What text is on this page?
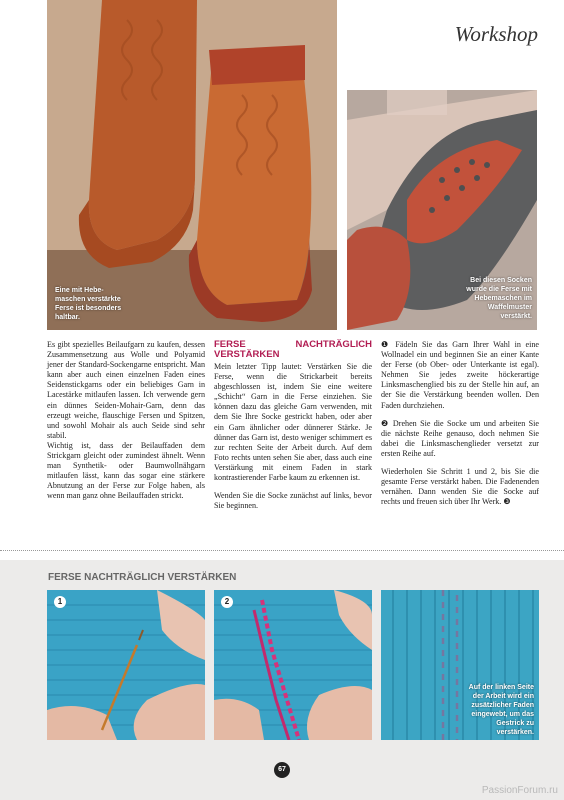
Workshop
Eine mit Hebe-
maschen verstärkte
Ferse ist besonders
haltbar.
Bei diesen Socken
wurde die Ferse mit
Hebemaschen im
Waffelmuster
verstärkt.

Es gibt spezielles Beilaufgarn zu kaufen, dessen Zusammensetzung aus Wolle und Polyamid jener der Standard-Sockengarne entspricht. Man kann aber auch einen einzelnen Faden eines Seidenstickgarns oder ein beliebiges Garn in Lacestärke mitlaufen lassen. Ich verwende gern ein dünnes Seiden-Mohair-Garn, denn das erzeugt weiche, flauschige Fersen und Spitzen, und sowohl Mohair als auch Seide sind sehr stabil.

Wichtig ist, dass der Beilauffaden dem Strickgarn gleicht oder zumindest ähnelt. Wenn man Synthetik- oder Baumwollnähgarn mitlaufen lässt, kann das sogar eine stärkere Abnutzung an der Ferse zur Folge haben, als wenn man ganz ohne Beilauffaden strickt.

FERSE NACHTRÄGLICH VERSTÄRKEN

Mein letzter Tipp lautet: Verstärken Sie die Ferse, wenn die Strickarbeit bereits abgeschlossen ist, indem Sie eine weitere „Schicht“ Garn in die Ferse einziehen. Sie können dazu das gleiche Garn verwenden, mit dem Sie Ihre Socke gestrickt haben, oder aber ein Garn ähnlicher oder dünnerer Stärke. Je dünner das Garn ist, desto weniger schimmert es zur rechten Seite der Arbeit durch. Auf dem Foto rechts unten sehen Sie aber, dass auch eine Verstärkung mit einem Faden in stark kontrastierender Farbe kaum zu erkennen ist.

Wenden Sie die Socke zunächst auf links, bevor Sie beginnen.

❶ Fädeln Sie das Garn Ihrer Wahl in eine Wollnadel ein und beginnen Sie an einer Kante der Ferse (ob Ober- oder Unterkante ist egal). Nehmen Sie jedes zweite höckerartige Linksmaschenglied bis zu der Stelle hin auf, an der Sie die Verstärkung beenden wollen. Den Faden durchziehen.

❷ Drehen Sie die Socke um und arbeiten Sie die nächste Reihe genauso, doch nehmen Sie dabei die Linksmaschenglieder versetzt zur ersten Reihe auf.

Wiederholen Sie Schritt 1 und 2, bis Sie die gesamte Ferse verstärkt haben. Die Fadenenden vernähen. Dann wenden Sie die Socke auf rechts und freuen sich über Ihr Werk. ❸

FERSE NACHTRÄGLICH VERSTÄRKEN
1	2
Auf der linken Seite
der Arbeit wird ein
zusätzlicher Faden
eingewebt, um das
Gestrick zu
verstärken.
67
PassionForum.ru
